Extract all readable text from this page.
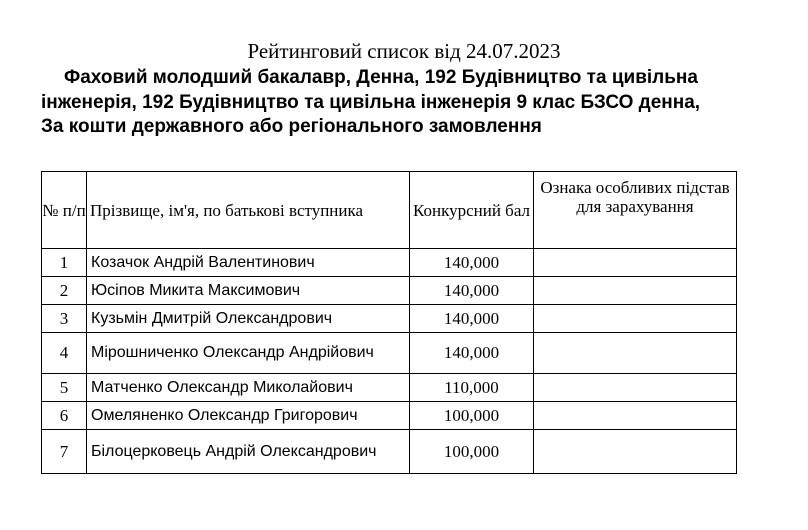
Рейтинговий список від 24.07.2023
Фаховий молодший бакалавр, Денна, 192 Будівництво та цивільна інженерія, 192 Будівництво та цивільна інженерія 9 клас БЗСО денна, За кошти державного або регіонального замовлення
№ п/п	Прізвище, ім'я, по батькові вступника	Конкурсний бал	Ознака особливих підстав для зарахування
1	Козачок Андрій Валентинович	140,000	
2	Юсіпов Микита Максимович	140,000	
3	Кузьмін Дмитрій Олександрович	140,000	
4	Мірошниченко Олександр Андрійович	140,000	
5	Матченко Олександр Миколайович	110,000	
6	Омеляненко Олександр Григорович	100,000	
7	Білоцерковець Андрій Олександрович	100,000	
